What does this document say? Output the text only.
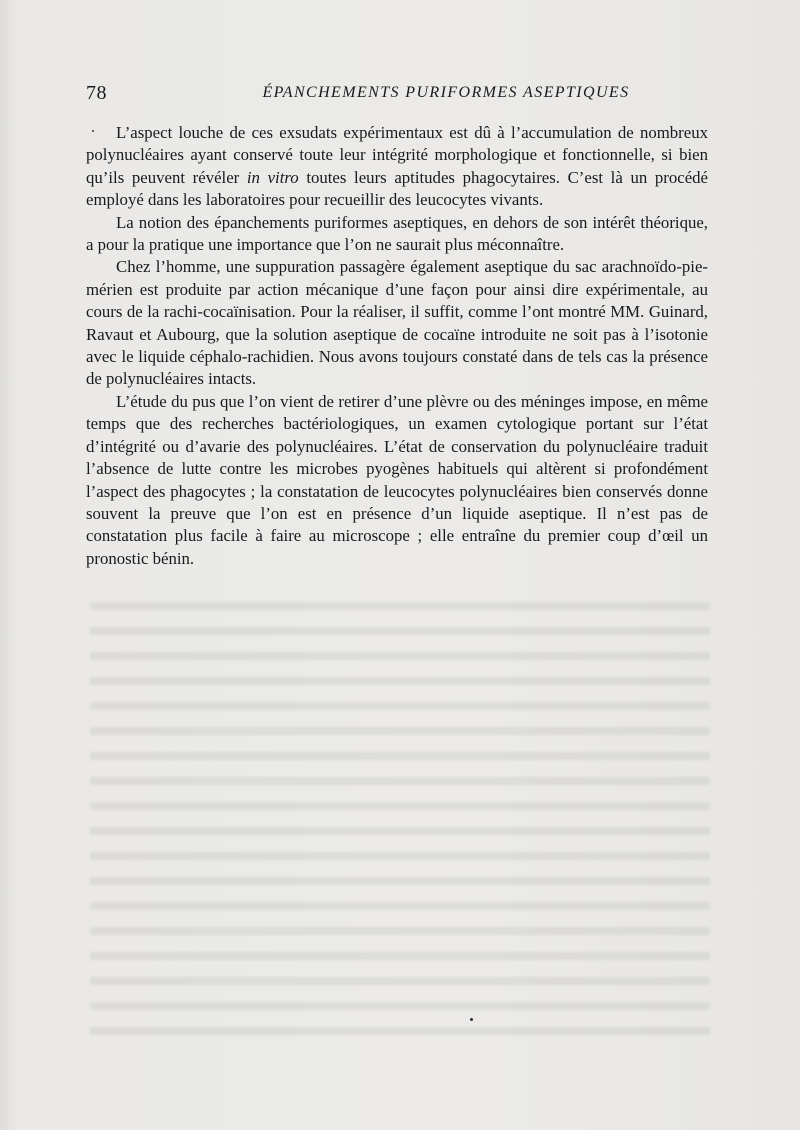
78	ÉPANCHEMENTS PURIFORMES ASEPTIQUES

L’aspect louche de ces exsudats expérimentaux est dû à l’accumulation de nombreux polynucléaires ayant conservé toute leur intégrité morphologique et fonctionnelle, si bien qu’ils peuvent révéler in vitro toutes leurs aptitudes phagocytaires. C’est là un procédé employé dans les laboratoires pour recueillir des leucocytes vivants.

La notion des épanchements puriformes aseptiques, en dehors de son intérêt théorique, a pour la pratique une importance que l’on ne saurait plus méconnaître.

Chez l’homme, une suppuration passagère également aseptique du sac arachnoïdo-pie-mérien est produite par action mécanique d’une façon pour ainsi dire expérimentale, au cours de la rachi-cocaïnisation. Pour la réaliser, il suffit, comme l’ont montré MM. Guinard, Ravaut et Aubourg, que la solution aseptique de cocaïne introduite ne soit pas à l’isotonie avec le liquide céphalo-rachidien. Nous avons toujours constaté dans de tels cas la présence de polynucléaires intacts.

L’étude du pus que l’on vient de retirer d’une plèvre ou des méninges impose, en même temps que des recherches bactériologiques, un examen cytologique portant sur l’état d’intégrité ou d’avarie des polynucléaires. L’état de conservation du polynucléaire traduit l’absence de lutte contre les microbes pyogènes habituels qui altèrent si profondément l’aspect des phagocytes ; la constatation de leucocytes polynucléaires bien conservés donne souvent la preuve que l’on est en présence d’un liquide aseptique. Il n’est pas de constatation plus facile à faire au microscope ; elle entraîne du premier coup d’œil un pronostic bénin.
